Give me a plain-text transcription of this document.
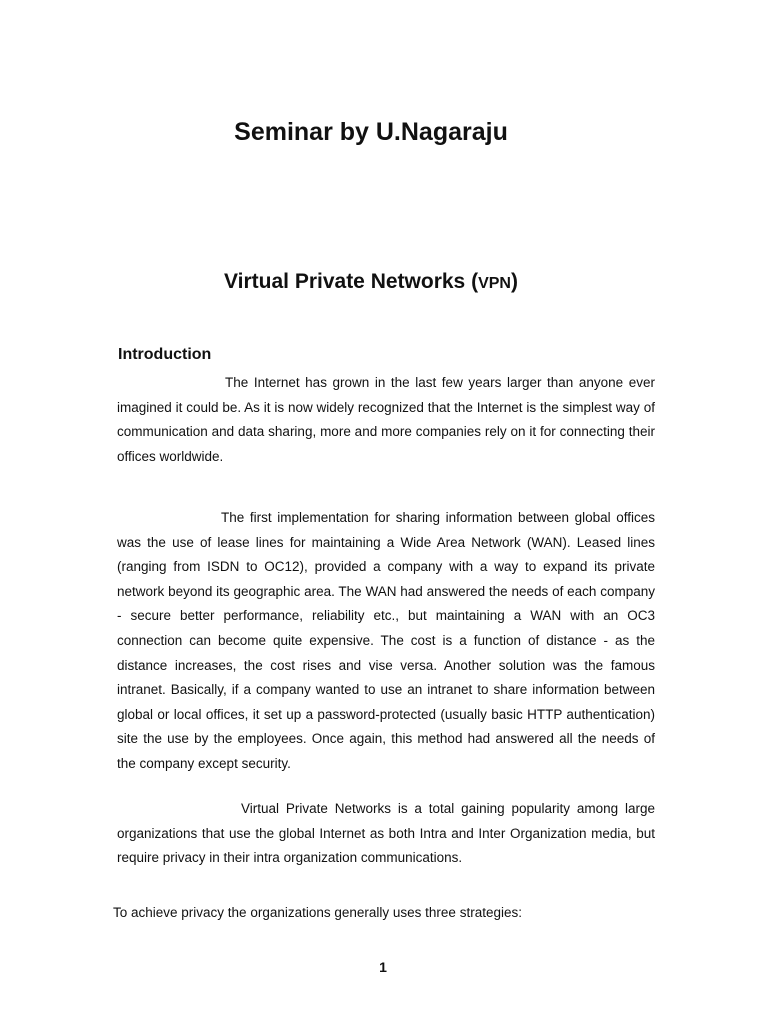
Seminar by U.Nagaraju
Virtual Private Networks (VPN)
Introduction

The Internet has grown in the last few years larger than anyone ever imagined it could be. As it is now widely recognized that the Internet is the simplest way of communication and data sharing, more and more companies rely on it for connecting their offices worldwide.

The first implementation for sharing information between global offices was the use of lease lines for maintaining a Wide Area Network (WAN). Leased lines (ranging from ISDN to OC12), provided a company with a way to expand its private network beyond its geographic area. The WAN had answered the needs of each company - secure better performance, reliability etc., but maintaining a WAN with an OC3 connection can become quite expensive. The cost is a function of distance - as the distance increases, the cost rises and vise versa. Another solution was the famous intranet. Basically, if a company wanted to use an intranet to share information between global or local offices, it set up a password-protected (usually basic HTTP authentication) site the use by the employees. Once again, this method had answered all the needs of the company except security.

Virtual Private Networks is a total gaining popularity among large organizations that use the global Internet as both Intra and Inter Organization media, but require privacy in their intra organization communications.

To achieve privacy the organizations generally uses three strategies:

1
